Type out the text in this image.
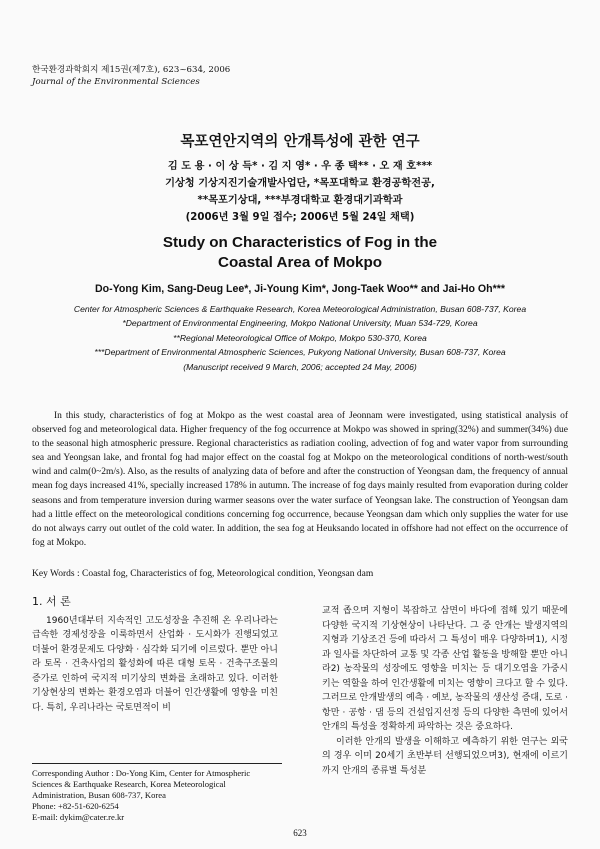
한국환경과학회지 제15권(제7호), 623~634, 2006
Journal of the Environmental Sciences
목포연안지역의 안개특성에 관한 연구
김 도 용 · 이 상 득* · 김 지 영* · 우 종 택** · 오 재 호***
기상청 기상지진기술개발사업단, *목포대학교 환경공학전공,
**목포기상대, ***부경대학교 환경대기과학과
(2006년 3월 9일 접수; 2006년 5월 24일 채택)
Study on Characteristics of Fog in the
Coastal Area of Mokpo
Do-Yong Kim, Sang-Deug Lee*, Ji-Young Kim*, Jong-Taek Woo** and Jai-Ho Oh***
Center for Atmospheric Sciences & Earthquake Research, Korea Meteorological Administration, Busan 608-737, Korea
*Department of Environmental Engineering, Mokpo National University, Muan 534-729, Korea
**Regional Meteorological Office of Mokpo, Mokpo 530-370, Korea
***Department of Environmental Atmospheric Sciences, Pukyong National University, Busan 608-737, Korea
(Manuscript received 9 March, 2006; accepted 24 May, 2006)
In this study, characteristics of fog at Mokpo as the west coastal area of Jeonnam were investigated, using statistical analysis of observed fog and meteorological data. Higher frequency of the fog occurrence at Mokpo was showed in spring(32%) and summer(34%) due to the seasonal high atmospheric pressure. Regional characteristics as radiation cooling, advection of fog and water vapor from surrounding sea and Yeongsan lake, and frontal fog had major effect on the coastal fog at Mokpo on the meteorological conditions of north-west/south wind and calm(0~2m/s). Also, as the results of analyzing data of before and after the construction of Yeongsan dam, the frequency of annual mean fog days increased 41%, specially increased 178% in autumn. The increase of fog days mainly resulted from evaporation during colder seasons and from temperature inversion during warmer seasons over the water surface of Yeongsan lake. The construction of Yeongsan dam had a little effect on the meteorological conditions concerning fog occurrence, because Yeongsan dam which only supplies the water for use do not always carry out outlet of the cold water. In addition, the sea fog at Heuksando located in offshore had not effect on the occurrence of fog at Mokpo.
Key Words : Coastal fog, Characteristics of fog, Meteorological condition, Yeongsan dam
1. 서 론

1960년대부터 지속적인 고도성장을 추진해 온 우리나라는 급속한 경제성장을 이룩하면서 산업화 · 도시화가 진행되었고 더불어 환경문제도 다양화 · 심각화 되기에 이르렀다. 뿐만 아니라 토목 · 건축사업의 활성화에 따른 대형 토목 · 건축구조물의 증가로 인하여 국지적 미기상의 변화를 초래하고 있다. 이러한 기상현상의 변화는 환경오염과 더불어 인간생활에 영향을 미친다. 특히, 우리나라는 국토면적이 비

교적 좁으며 지형이 복잡하고 삼면이 바다에 접해 있기 때문에 다양한 국지적 기상현상이 나타난다. 그 중 안개는 발생지역의 지형과 기상조건 등에 따라서 그 특성이 매우 다양하며1), 시정과 일사를 차단하여 교통 및 각종 산업 활동을 방해할 뿐만 아니라2) 농작물의 성장에도 영향을 미치는 등 대기오염을 가중시키는 역할을 하여 인간생활에 미치는 영향이 크다고 할 수 있다. 그러므로 안개발생의 예측 · 예보, 농작물의 생산성 증대, 도로 · 항만 · 공항 · 댐 등의 건설입지선정 등의 다양한 측면에 있어서 안개의 특성을 정확하게 파악하는 것은 중요하다.

이러한 안개의 발생을 이해하고 예측하기 위한 연구는 외국의 경우 이미 20세기 초반부터 선행되었으며3), 현재에 이르기 까지 안개의 종류별 특성분

Corresponding Author : Do-Yong Kim, Center for Atmospheric
Sciences & Earthquake Research, Korea Meteorological
Administration, Busan 608-737, Korea
Phone: +82-51-620-6254
E-mail: dykim@cater.re.kr
623
